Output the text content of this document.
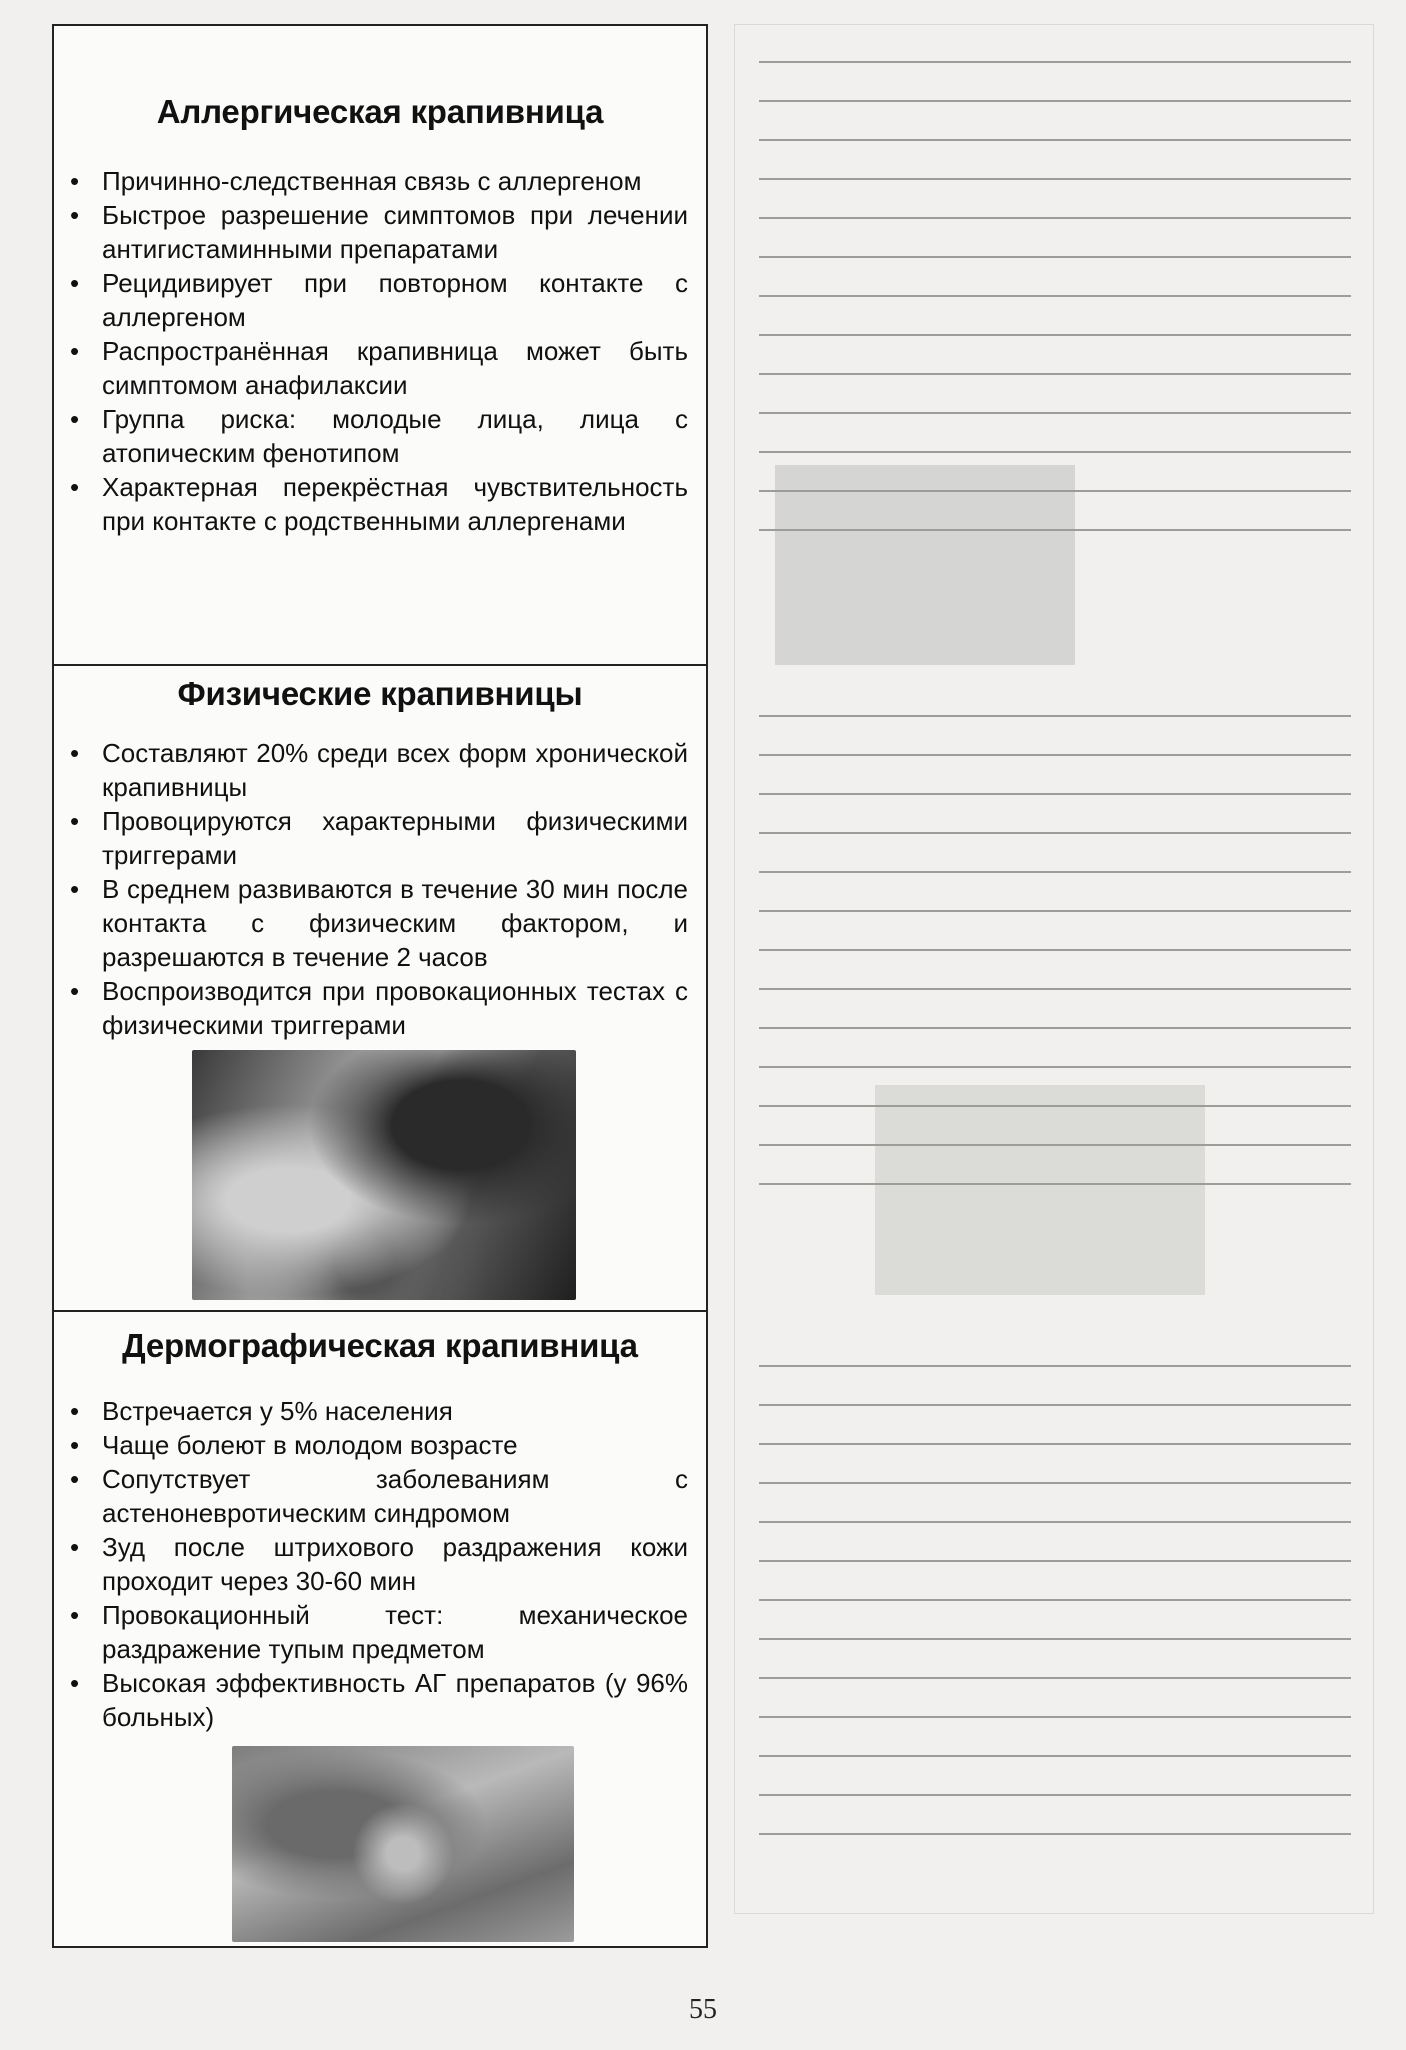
Аллергическая крапивница
• Причинно-следственная связь с аллергеном
• Быстрое разрешение симптомов при лечении антигистаминными препаратами
• Рецидивирует при повторном контакте с аллергеном
• Распространённая крапивница может быть симптомом анафилаксии
• Группа риска: молодые лица, лица с атопическим фенотипом
• Характерная перекрёстная чувствительность при контакте с родственными аллергенами
Физические крапивницы
• Составляют 20% среди всех форм хронической крапивницы
• Провоцируются характерными физическими триггерами
• В среднем развиваются в течение 30 мин после контакта с физическим фактором, и разрешаются в течение 2 часов
• Воспроизводится при провокационных тестах с физическими триггерами
Дермографическая крапивница
• Встречается у 5% населения
• Чаще болеют в молодом возрасте
• Сопутствует заболеваниям с астеноневротическим синдромом
• Зуд после штрихового раздражения кожи проходит через 30-60 мин
• Провокационный тест: механическое раздражение тупым предметом
• Высокая эффективность АГ препаратов (у 96% больных)
55
